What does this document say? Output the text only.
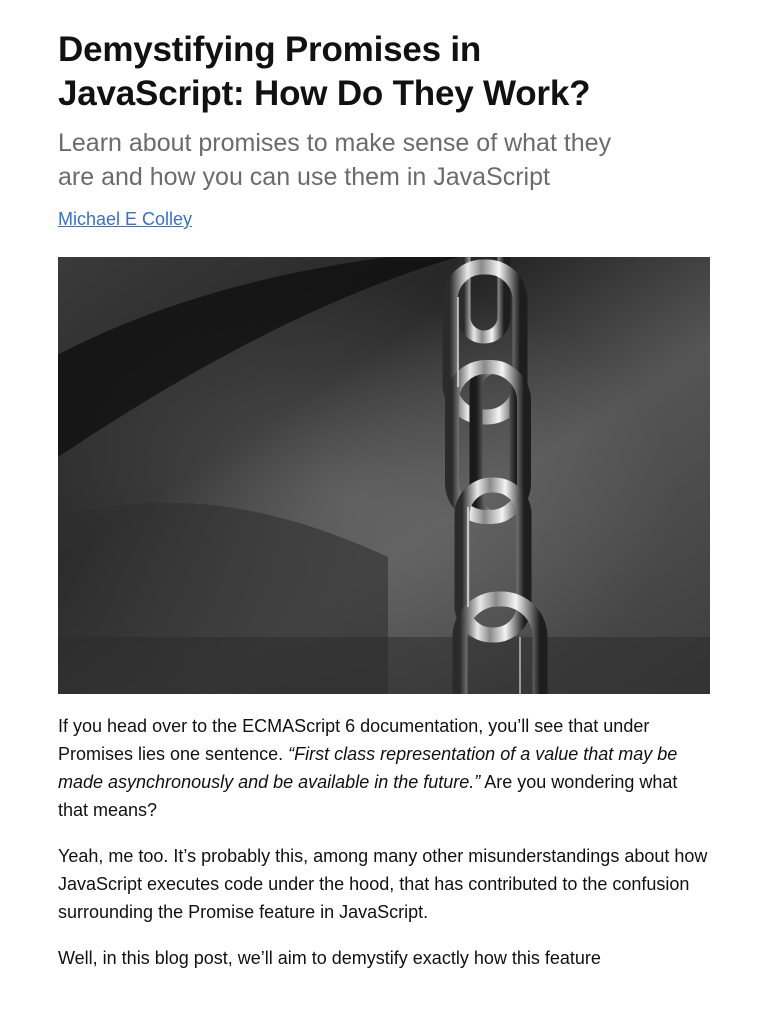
Demystifying Promises in
JavaScript: How Do They Work?

Learn about promises to make sense of what they
are and how you can use them in JavaScript

Michael E Colley

If you head over to the ECMAScript 6 documentation, you’ll see that under Promises lies one sentence. “First class representation of a value that may be made asynchronously and be available in the future.” Are you wondering what that means?

Yeah, me too. It’s probably this, among many other misunderstandings about how JavaScript executes code under the hood, that has contributed to the confusion surrounding the Promise feature in JavaScript.

Well, in this blog post, we’ll aim to demystify exactly how this feature
